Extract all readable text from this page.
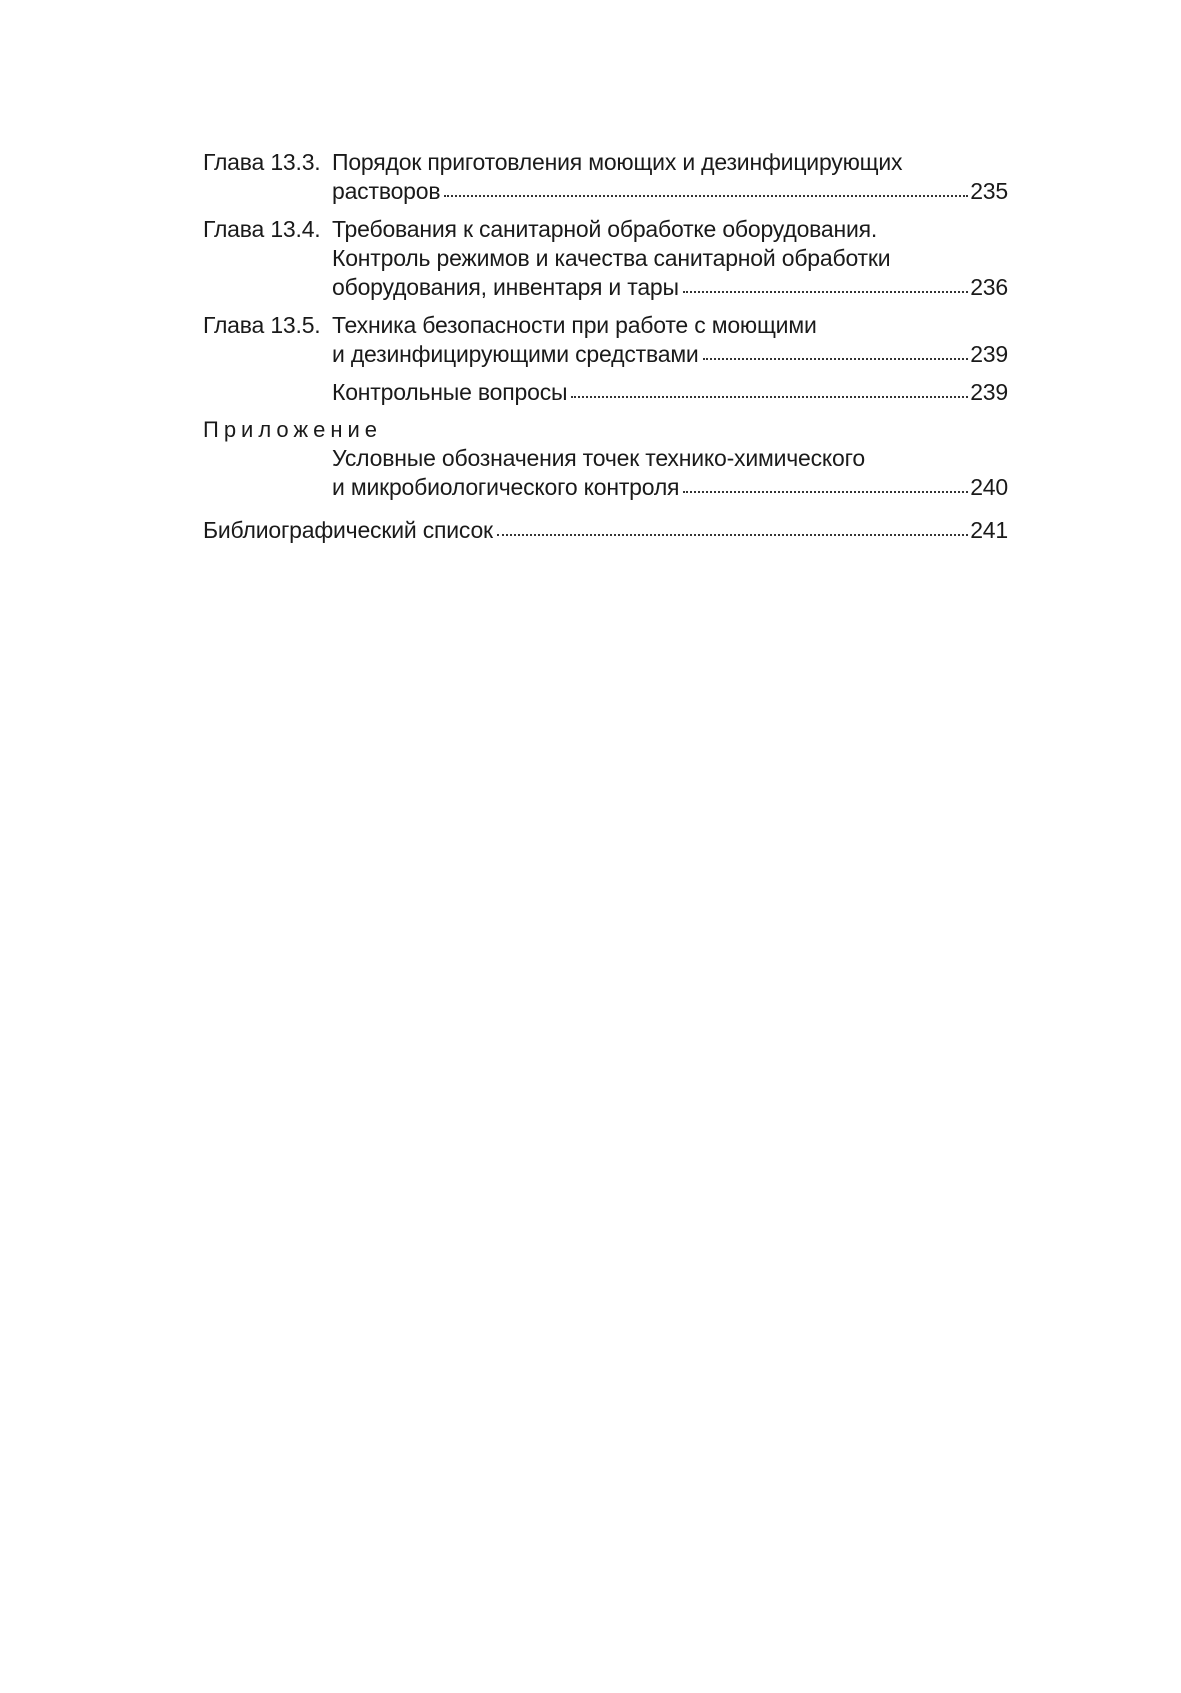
Глава 13.3. Порядок приготовления моющих и дезинфицирующих
растворов	235
Глава 13.4. Требования к санитарной обработке оборудования.
Контроль режимов и качества санитарной обработки
оборудования, инвентаря и тары	236
Глава 13.5. Техника безопасности при работе с моющими
и дезинфицирующими средствами	239
Контрольные вопросы	239
Приложение
Условные обозначения точек технико-химического
и микробиологического контроля	240
Библиографический список	241
